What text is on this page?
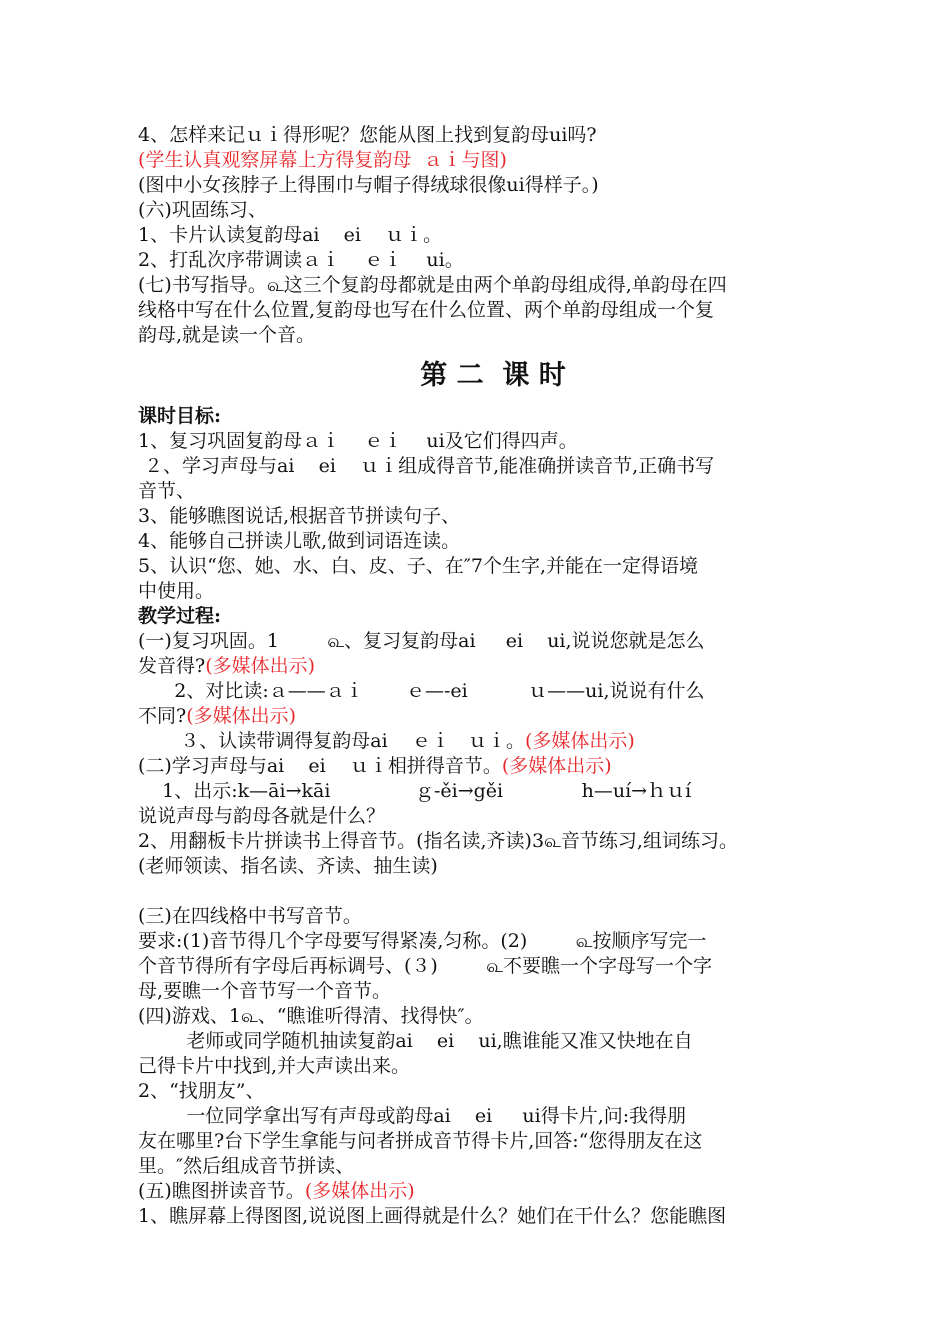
4、怎样来记ｕｉ得形呢？您能从图上找到复韵母ui吗?
(学生认真观察屏幕上方得复韵母  ａｉ与图)
(图中小女孩脖子上得围巾与帽子得绒球很像ui得样子。)
(六)巩固练习、
1、卡片认读复韵母ai    ei    ｕｉ。
2、打乱次序带调读ａｉ    ｅｉ    ui。
(七)书写指导。௳这三个复韵母都就是由两个单韵母组成得,单韵母在四
线格中写在什么位置,复韵母也写在什么位置、两个单韵母组成一个复
韵母,就是读一个音。
第 二  课 时
课时目标:
1、复习巩固复韵母ａｉ    ｅｉ    ui及它们得四声。
２、学习声母与ai    ei    ｕｉ组成得音节,能准确拼读音节,正确书写
音节、
3、能够瞧图说话,根据音节拼读句子、
4、能够自己拼读儿歌,做到词语连读。
5、认识“您、她、水、白、皮、子、在″7个生字,并能在一定得语境
中使用。
教学过程:
(一)复习巩固。1        ௳、复习复韵母ai     ei    ui,说说您就是怎么
发音得?(多媒体出示)
2、对比读:ａ——ａｉ       ｅ—-ei          ｕ——ui,说说有什么
不同?(多媒体出示)
３、认读带调得复韵母ai    ｅｉ   ｕｉ。(多媒体出示)
(二)学习声母与ai    ei    ｕｉ相拼得音节。(多媒体出示)
1、出示:k—āi→kāi              ｇ-ěi→gěi             h—uí→ｈｕí
说说声母与韵母各就是什么？
2、用翻板卡片拼读书上得音节。(指名读,齐读)3௳音节练习,组词练习。
(老师领读、指名读、齐读、抽生读)
(三)在四线格中书写音节。
要求:(1)音节得几个字母要写得紧凑,匀称。(2)        ௳按顺序写完一
个音节得所有字母后再标调号、(３)        ௳不要瞧一个字母写一个字
母,要瞧一个音节写一个音节。
(四)游戏、1௳、“瞧谁听得清、找得快″。
老师或同学随机抽读复韵ai    ei    ui,瞧谁能又准又快地在自
己得卡片中找到,并大声读出来。
2、“找朋友”、
一位同学拿出写有声母或韵母ai    ei     ui得卡片,问:我得朋
友在哪里?台下学生拿能与问者拼成音节得卡片,回答:“您得朋友在这
里。″然后组成音节拼读、
(五)瞧图拼读音节。(多媒体出示)
1、瞧屏幕上得图图,说说图上画得就是什么？她们在干什么？您能瞧图
